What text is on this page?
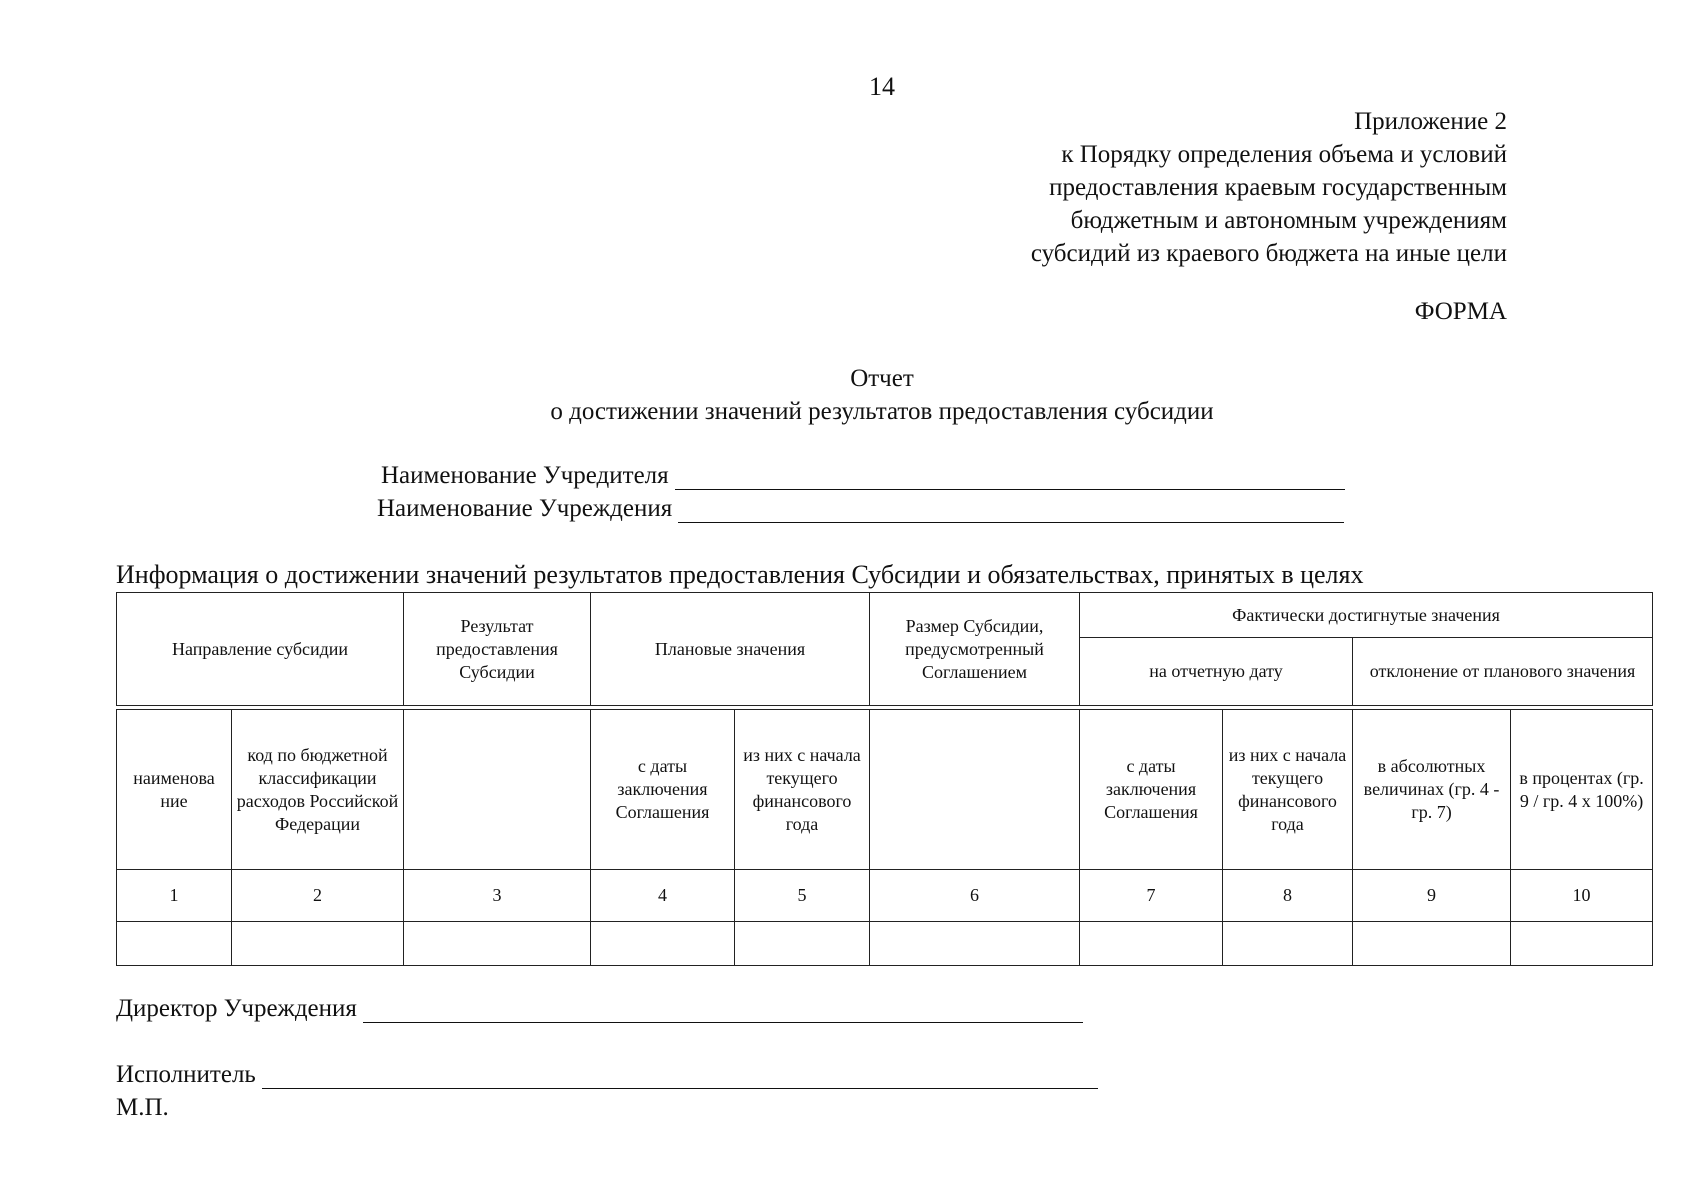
14
Приложение 2
к Порядку определения объема и условий
предоставления краевым государственным
бюджетным и автономным учреждениям
субсидий из краевого бюджета на иные цели
ФОРМА
Отчет
о достижении значений результатов предоставления субсидии
Наименование Учредителя
Наименование Учреждения
Информация о достижении значений результатов предоставления Субсидии и обязательствах, принятых в целях
Направление субсидии		Результат предоставления Субсидии	Плановые значения		Размер Субсидии, предусмотренный Соглашением	Фактически достигнутые значения			
						на отчетную дату		отклонение от планового значения	

наименова ние	код по бюджетной классификации расходов Российской Федерации		с даты заключения Соглашения	из них с начала текущего финансового года		с даты заключения Соглашения	из них с начала текущего финансового года	в абсолютных величинах (гр. 4 - гр. 7)	в процентах (гр. 9 / гр. 4 х 100%)
1	2	3	4	5	6	7	8	9	10

Директор Учреждения
Исполнитель
М.П.
